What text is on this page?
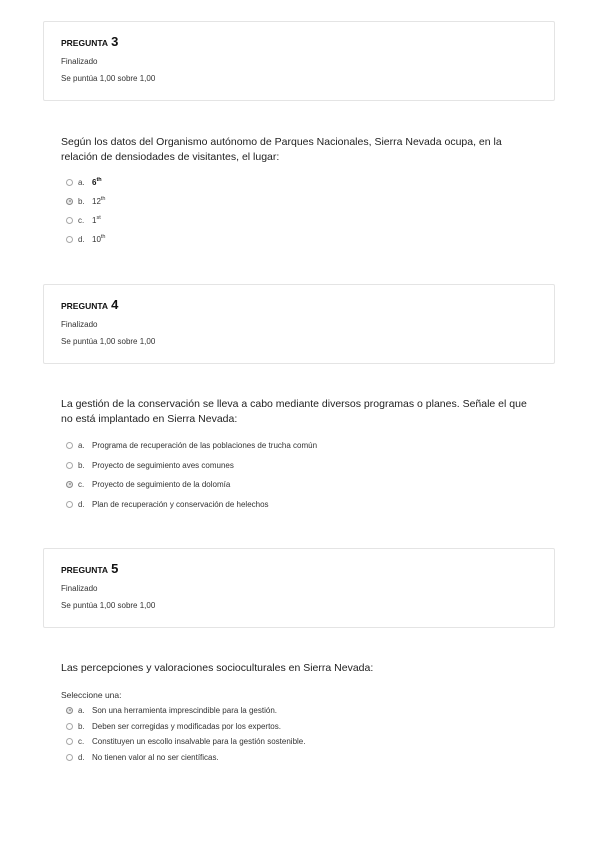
PREGUNTA 3
Finalizado
Se puntúa 1,00 sobre 1,00
Según los datos del Organismo autónomo de Parques Nacionales, Sierra Nevada ocupa, en la relación de densiodades de visitantes, el lugar:
a. 6th
b. 12th
c. 1st
d. 10th
PREGUNTA 4
Finalizado
Se puntúa 1,00 sobre 1,00
La gestión de la conservación se lleva a cabo mediante diversos programas o planes. Señale el que no está implantado en Sierra Nevada:
a. Programa de recuperación de las poblaciones de trucha común
b. Proyecto de seguimiento aves comunes
c. Proyecto de seguimiento de la dolomía
d. Plan de recuperación y conservación de helechos
PREGUNTA 5
Finalizado
Se puntúa 1,00 sobre 1,00
Las percepciones y valoraciones socioculturales en Sierra Nevada:
Seleccione una:
a. Son una herramienta imprescindible para la gestión.
b. Deben ser corregidas y modificadas por los expertos.
c. Constituyen un escollo insalvable para la gestión sostenible.
d. No tienen valor al no ser científicas.
